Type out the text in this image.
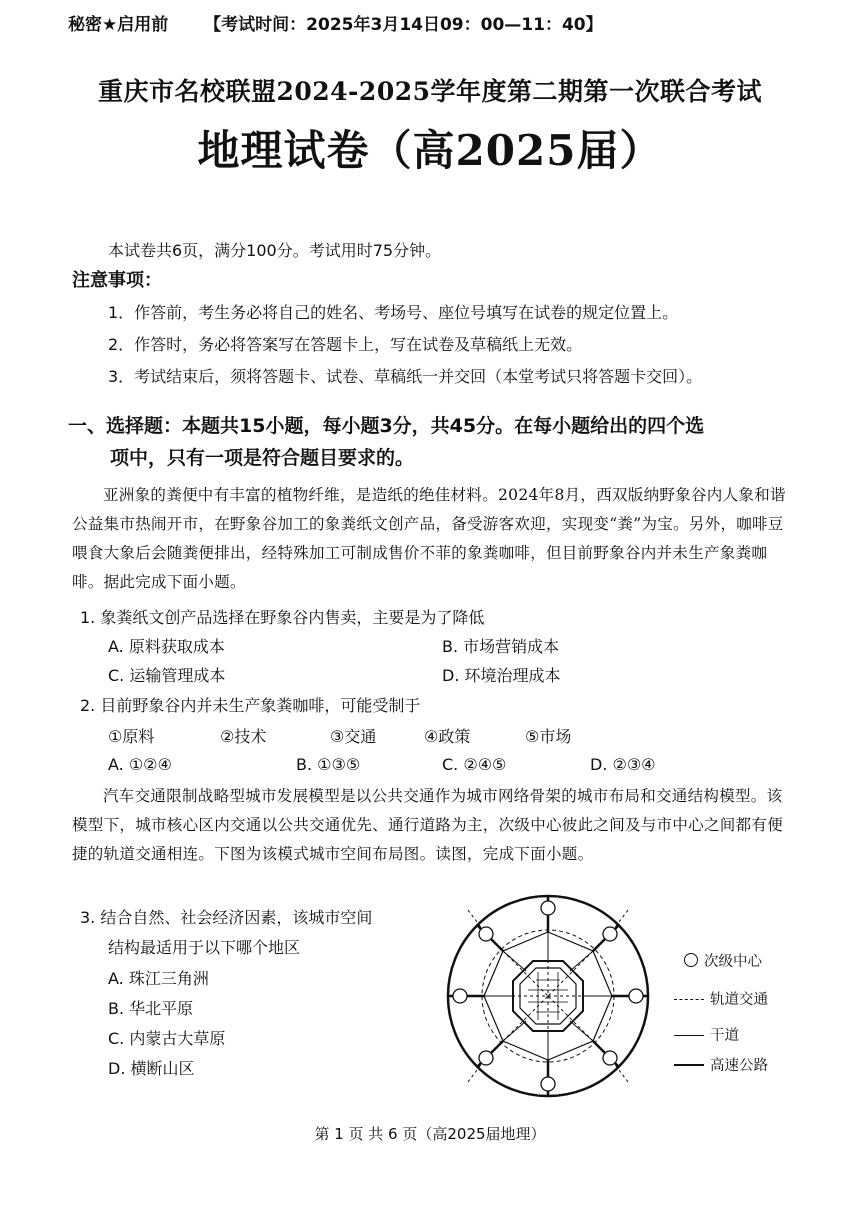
秘密★启用前 【考试时间：2025年3月14日09：00—11：40】
重庆市名校联盟2024-2025学年度第二期第一次联合考试
地理试卷（高2025届）
本试卷共6页，满分100分。考试用时75分钟。
注意事项：
1．作答前，考生务必将自己的姓名、考场号、座位号填写在试卷的规定位置上。
2．作答时，务必将答案写在答题卡上，写在试卷及草稿纸上无效。
3．考试结束后，须将答题卡、试卷、草稿纸一并交回（本堂考试只将答题卡交回）。
一、选择题：本题共15小题，每小题3分，共45分。在每小题给出的四个选
项中，只有一项是符合题目要求的。
亚洲象的粪便中有丰富的植物纤维，是造纸的绝佳材料。2024年8月，西双版纳野象谷内人象和谐公益集市热闹开市，在野象谷加工的象粪纸文创产品，备受游客欢迎，实现变“粪”为宝。另外，咖啡豆喂食大象后会随粪便排出，经特殊加工可制成售价不菲的象粪咖啡，但目前野象谷内并未生产象粪咖啡。据此完成下面小题。
1. 象粪纸文创产品选择在野象谷内售卖，主要是为了降低
A. 原料获取成本	B. 市场营销成本
C. 运输管理成本	D. 环境治理成本
2. 目前野象谷内并未生产象粪咖啡，可能受制于
①原料	②技术	③交通	④政策	⑤市场
A. ①②④	B. ①③⑤	C. ②④⑤	D. ②③④
汽车交通限制战略型城市发展模型是以公共交通作为城市网络骨架的城市布局和交通结构模型。该模型下，城市核心区内交通以公共交通优先、通行道路为主，次级中心彼此之间及与市中心之间都有便捷的轨道交通相连。下图为该模式城市空间布局图。读图，完成下面小题。
3. 结合自然、社会经济因素，该城市空间
结构最适用于以下哪个地区
A. 珠江三角洲
B. 华北平原
C. 内蒙古大草原
D. 横断山区
次级中心
轨道交通
干道
高速公路
第 1 页 共 6 页（高2025届地理）
